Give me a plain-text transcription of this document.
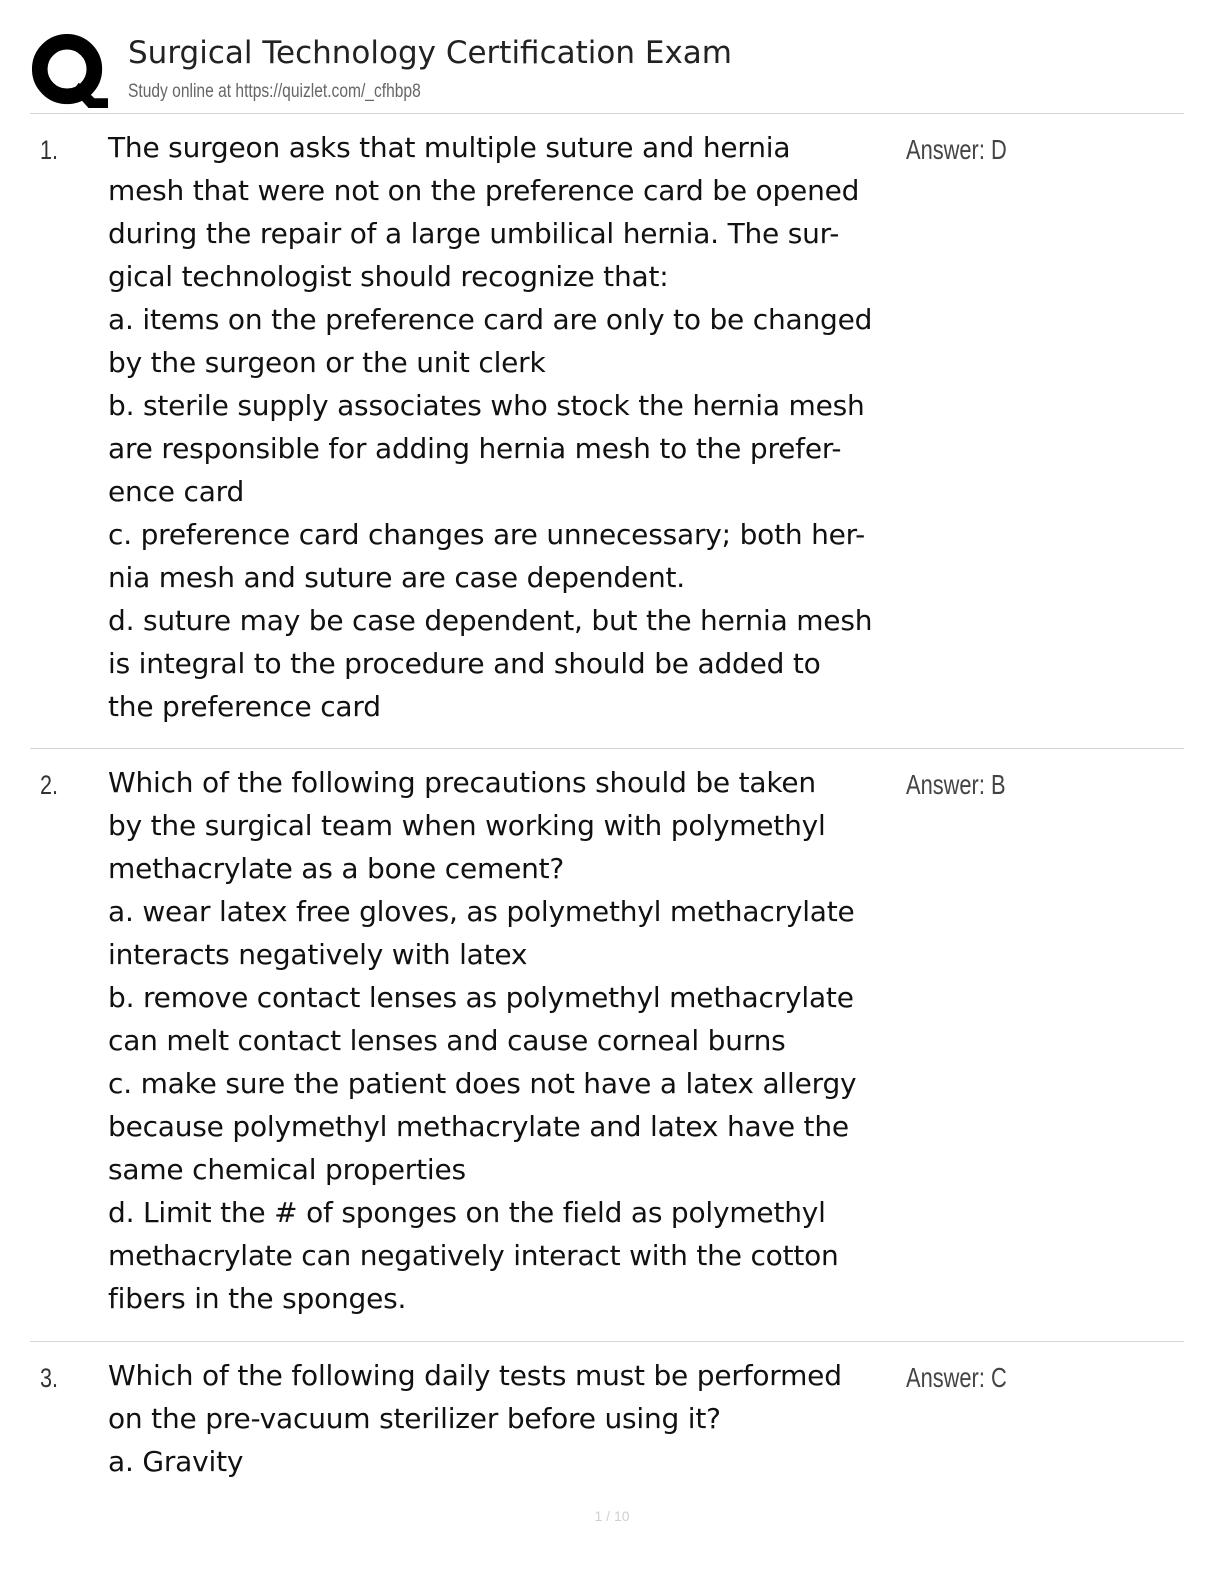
Surgical Technology Certification Exam
Study online at https://quizlet.com/_cfhbp8
1. The surgeon asks that multiple suture and hernia
mesh that were not on the preference card be opened
during the repair of a large umbilical hernia. The sur-
gical technologist should recognize that:
a. items on the preference card are only to be changed
by the surgeon or the unit clerk
b. sterile supply associates who stock the hernia mesh
are responsible for adding hernia mesh to the prefer-
ence card
c. preference card changes are unnecessary; both her-
nia mesh and suture are case dependent.
d. suture may be case dependent, but the hernia mesh
is integral to the procedure and should be added to
the preference card
Answer: D
2. Which of the following precautions should be taken
by the surgical team when working with polymethyl
methacrylate as a bone cement?
a. wear latex free gloves, as polymethyl methacrylate
interacts negatively with latex
b. remove contact lenses as polymethyl methacrylate
can melt contact lenses and cause corneal burns
c. make sure the patient does not have a latex allergy
because polymethyl methacrylate and latex have the
same chemical properties
d. Limit the # of sponges on the field as polymethyl
methacrylate can negatively interact with the cotton
fibers in the sponges.
Answer: B
3. Which of the following daily tests must be performed
on the pre-vacuum sterilizer before using it?
a. Gravity
Answer: C
1 / 10
